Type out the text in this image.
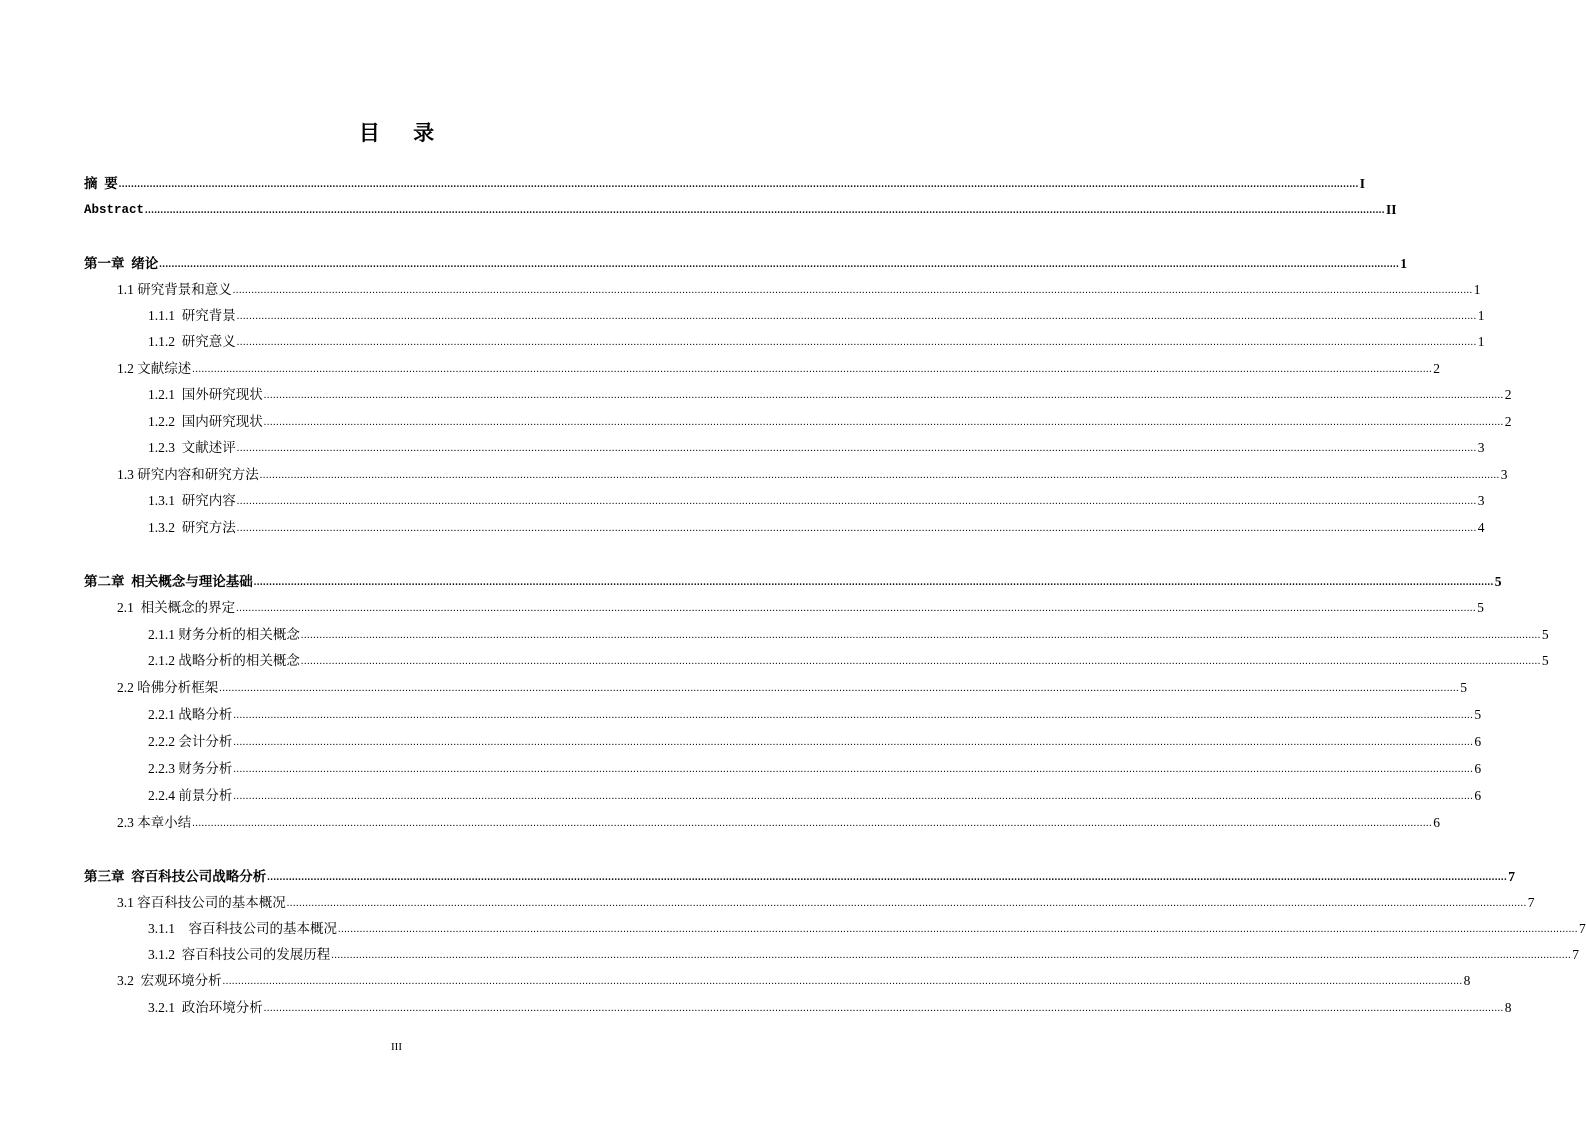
目 录
摘  要 ................................................................................................................................................................................................................................................................................................................................................................................................................ I
Abstract ................................................................................................................................................................................................................................................................................................................................................................................................................ II
第一章  绪论 ................................................................................................................................................................................................................................................................................................................................................................................................................ 1
1.1 研究背景和意义 ................................................................................................................................................................................................................................................................................................................................................................................................................ 1
1.1.1  研究背景 ................................................................................................................................................................................................................................................................................................................................................................................................................ 1
1.1.2  研究意义 ................................................................................................................................................................................................................................................................................................................................................................................................................ 1
1.2 文献综述 ................................................................................................................................................................................................................................................................................................................................................................................................................ 2
1.2.1  国外研究现状 ................................................................................................................................................................................................................................................................................................................................................................................................................ 2
1.2.2  国内研究现状 ................................................................................................................................................................................................................................................................................................................................................................................................................ 2
1.2.3  文献述评 ................................................................................................................................................................................................................................................................................................................................................................................................................ 3
1.3 研究内容和研究方法 ................................................................................................................................................................................................................................................................................................................................................................................................................ 3
1.3.1  研究内容 ................................................................................................................................................................................................................................................................................................................................................................................................................ 3
1.3.2  研究方法 ................................................................................................................................................................................................................................................................................................................................................................................................................ 4
第二章  相关概念与理论基础 ................................................................................................................................................................................................................................................................................................................................................................................................................ 5
2.1  相关概念的界定 ................................................................................................................................................................................................................................................................................................................................................................................................................ 5
2.1.1 财务分析的相关概念 ................................................................................................................................................................................................................................................................................................................................................................................................................ 5
2.1.2 战略分析的相关概念 ................................................................................................................................................................................................................................................................................................................................................................................................................ 5
2.2 哈佛分析框架 ................................................................................................................................................................................................................................................................................................................................................................................................................ 5
2.2.1 战略分析 ................................................................................................................................................................................................................................................................................................................................................................................................................ 5
2.2.2 会计分析 ................................................................................................................................................................................................................................................................................................................................................................................................................ 6
2.2.3 财务分析 ................................................................................................................................................................................................................................................................................................................................................................................................................ 6
2.2.4 前景分析 ................................................................................................................................................................................................................................................................................................................................................................................................................ 6
2.3 本章小结 ................................................................................................................................................................................................................................................................................................................................................................................................................ 6
第三章  容百科技公司战略分析 ................................................................................................................................................................................................................................................................................................................................................................................................................ 7
3.1 容百科技公司的基本概况 ................................................................................................................................................................................................................................................................................................................................................................................................................ 7
3.1.1    容百科技公司的基本概况 ................................................................................................................................................................................................................................................................................................................................................................................................................ 7
3.1.2  容百科技公司的发展历程 ................................................................................................................................................................................................................................................................................................................................................................................................................ 7
3.2  宏观环境分析 ................................................................................................................................................................................................................................................................................................................................................................................................................ 8
3.2.1  政治环境分析 ................................................................................................................................................................................................................................................................................................................................................................................................................ 8
III
